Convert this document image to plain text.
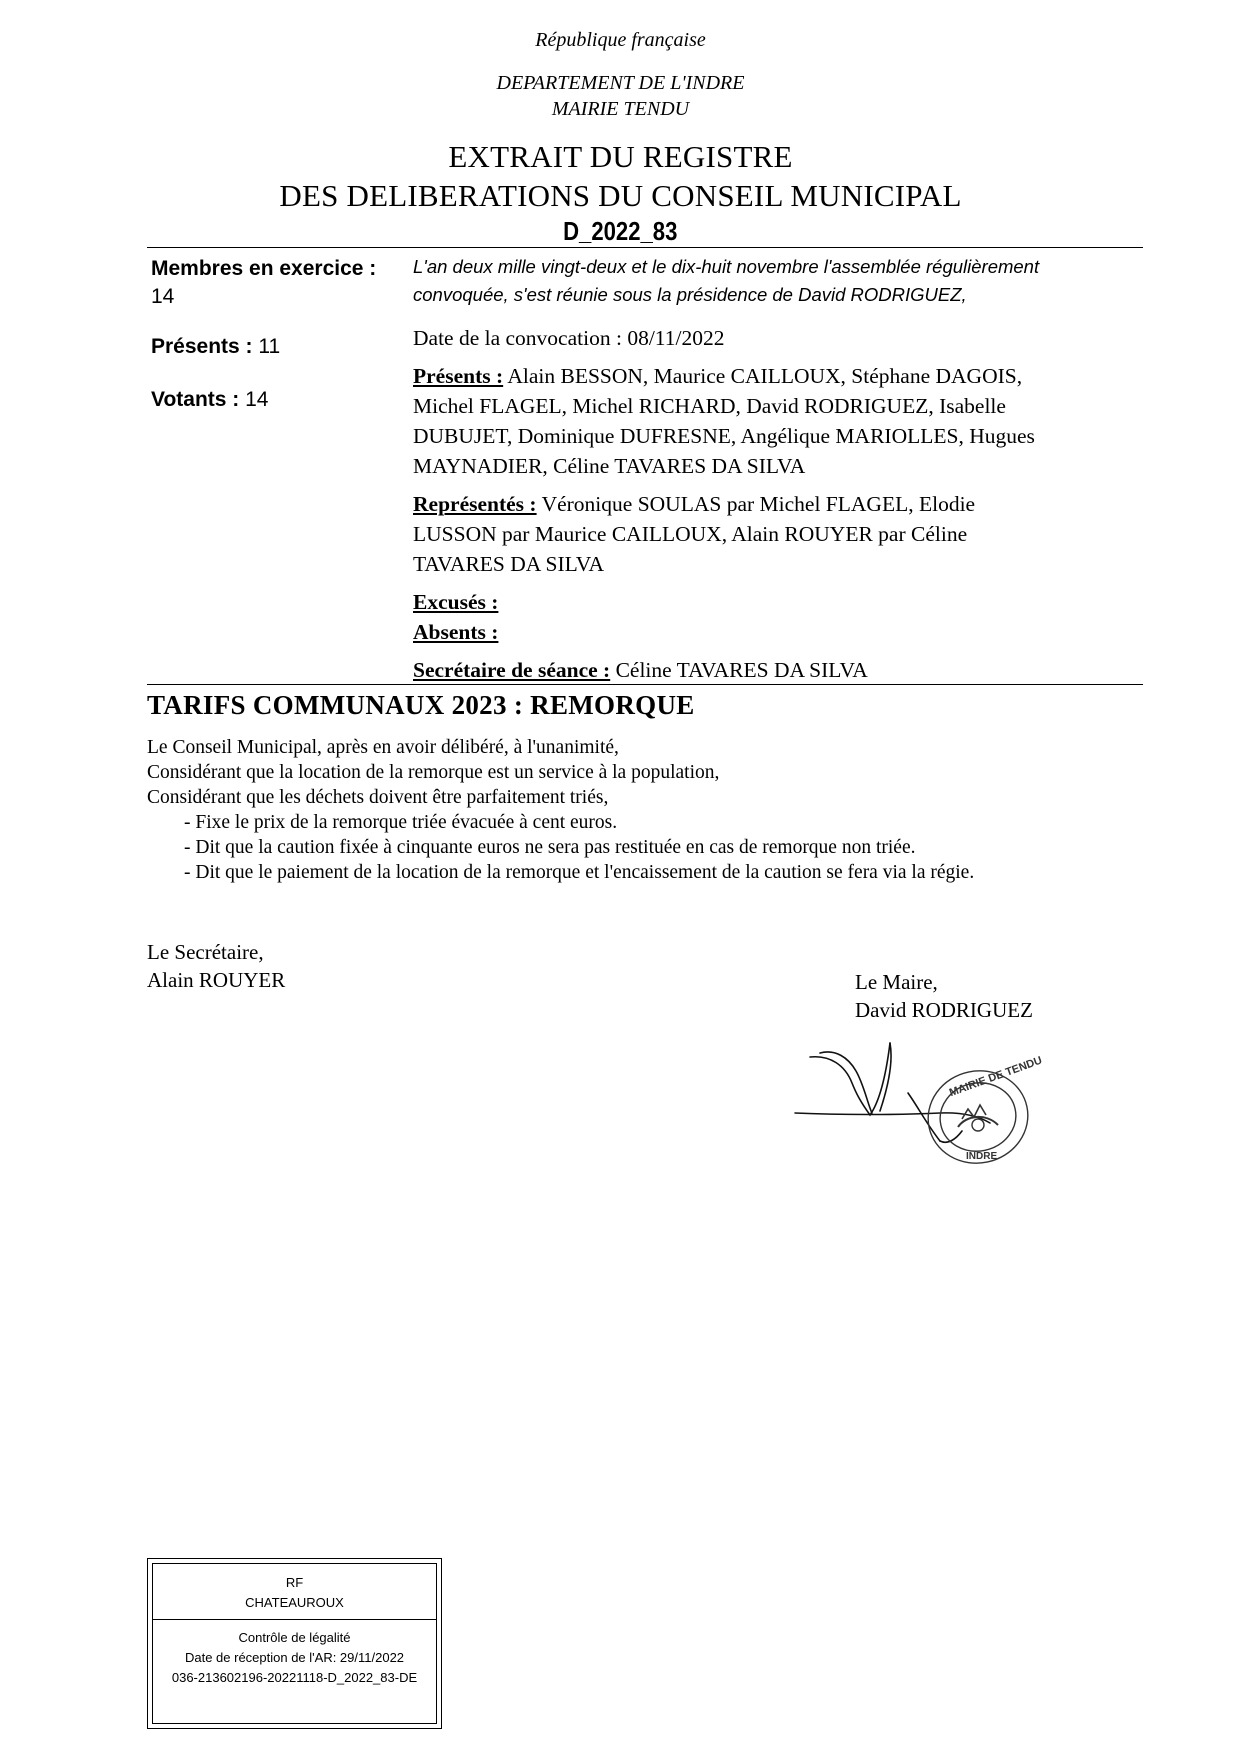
République française
DEPARTEMENT DE L'INDRE
MAIRIE TENDU
EXTRAIT DU REGISTRE
DES DELIBERATIONS DU CONSEIL MUNICIPAL
D_2022_83
Membres en exercice :
14
Présents : 11
Votants : 14
L'an deux mille vingt-deux et le dix-huit novembre l'assemblée régulièrement
convoquée, s'est réunie sous la présidence de David RODRIGUEZ,
Date de la convocation : 08/11/2022
Présents : Alain BESSON, Maurice CAILLOUX, Stéphane DAGOIS,
Michel FLAGEL, Michel RICHARD, David RODRIGUEZ, Isabelle
DUBUJET, Dominique DUFRESNE, Angélique MARIOLLES, Hugues
MAYNADIER, Céline TAVARES DA SILVA
Représentés : Véronique SOULAS par Michel FLAGEL, Elodie
LUSSON par Maurice CAILLOUX, Alain ROUYER par Céline
TAVARES DA SILVA
Excusés :
Absents :
Secrétaire de séance : Céline TAVARES DA SILVA
TARIFS COMMUNAUX 2023 : REMORQUE
Le Conseil Municipal, après en avoir délibéré, à l'unanimité,
Considérant que la location de la remorque est un service à la population,
Considérant que les déchets doivent être parfaitement triés,
- Fixe le prix de la remorque triée évacuée à cent euros.
- Dit que la caution fixée à cinquante euros ne sera pas restituée en cas de remorque non triée.
- Dit que le paiement de la location de la remorque et l'encaissement de la caution se fera via la régie.
Le Secrétaire,
Alain ROUYER	Le Maire,
David RODRIGUEZ
MAIRIE DE TENDU
INDRE
RF
CHATEAUROUX
Contrôle de légalité
Date de réception de l'AR: 29/11/2022
036-213602196-20221118-D_2022_83-DE
